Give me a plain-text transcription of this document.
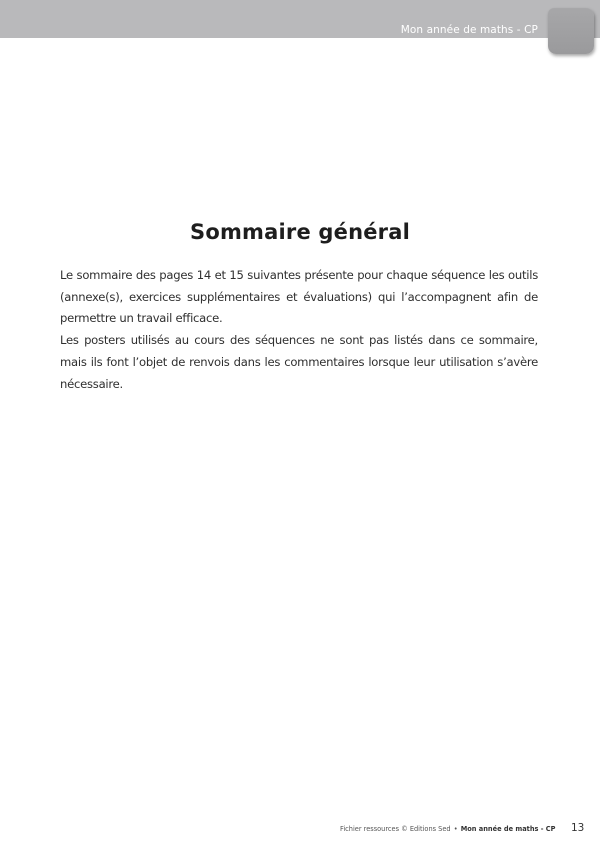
Mon année de maths - CP
Sommaire général

Le sommaire des pages 14 et 15 suivantes présente pour chaque séquence les outils (annexe(s), exercices supplémentaires et évaluations) qui l’accompagnent afin de permettre un travail efficace.

Les posters utilisés au cours des séquences ne sont pas listés dans ce sommaire, mais ils font l’objet de renvois dans les commentaires lorsque leur utilisation s’avère nécessaire.

Fichier ressources © Editions Sed • Mon année de maths - CP 13
